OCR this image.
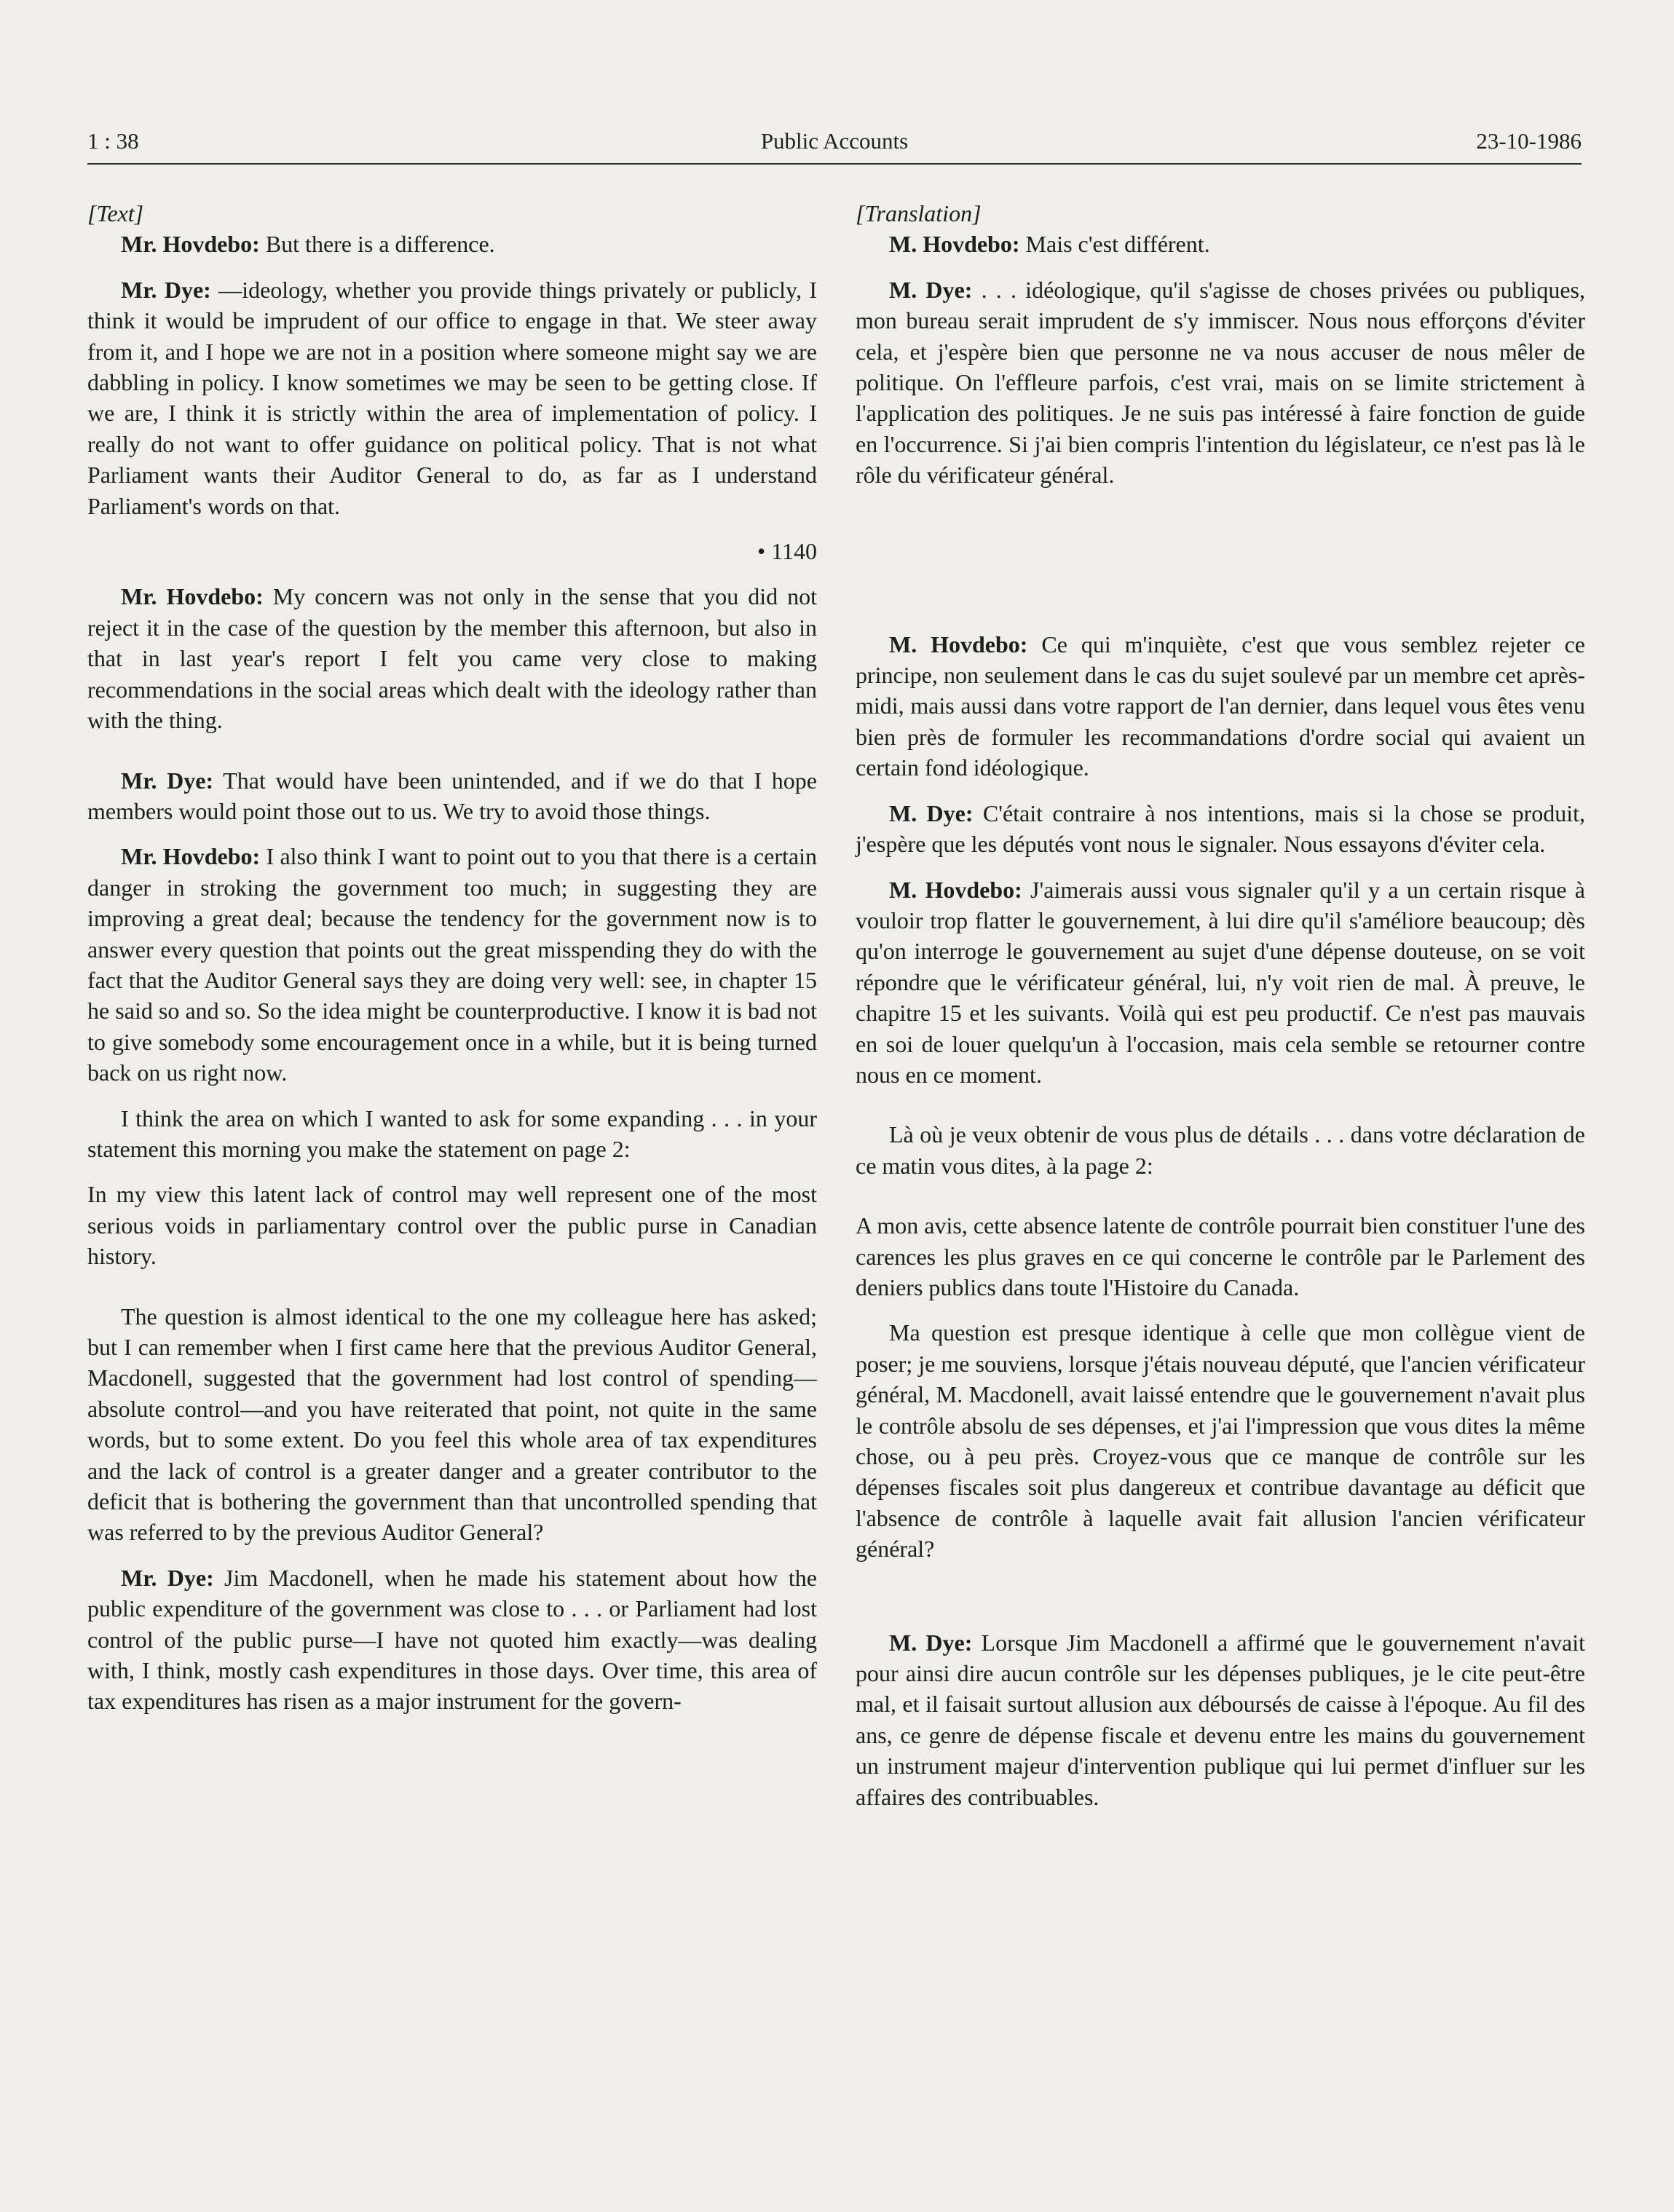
1 : 38	Public Accounts	23-10-1986

[Text]

Mr. Hovdebo: But there is a difference.

Mr. Dye: —ideology, whether you provide things privately or publicly, I think it would be imprudent of our office to engage in that. We steer away from it, and I hope we are not in a position where someone might say we are dabbling in policy. I know sometimes we may be seen to be getting close. If we are, I think it is strictly within the area of implementation of policy. I really do not want to offer guidance on political policy. That is not what Parliament wants their Auditor General to do, as far as I understand Parliament's words on that.

• 1140

Mr. Hovdebo: My concern was not only in the sense that you did not reject it in the case of the question by the member this afternoon, but also in that in last year's report I felt you came very close to making recommendations in the social areas which dealt with the ideology rather than with the thing.

Mr. Dye: That would have been unintended, and if we do that I hope members would point those out to us. We try to avoid those things.

Mr. Hovdebo: I also think I want to point out to you that there is a certain danger in stroking the government too much; in suggesting they are improving a great deal; because the tendency for the government now is to answer every question that points out the great misspending they do with the fact that the Auditor General says they are doing very well: see, in chapter 15 he said so and so. So the idea might be counterproductive. I know it is bad not to give somebody some encouragement once in a while, but it is being turned back on us right now.

I think the area on which I wanted to ask for some expanding . . . in your statement this morning you make the statement on page 2:

In my view this latent lack of control may well represent one of the most serious voids in parliamentary control over the public purse in Canadian history.

The question is almost identical to the one my colleague here has asked; but I can remember when I first came here that the previous Auditor General, Macdonell, suggested that the government had lost control of spending—absolute control—and you have reiterated that point, not quite in the same words, but to some extent. Do you feel this whole area of tax expenditures and the lack of control is a greater danger and a greater contributor to the deficit that is bothering the government than that uncontrolled spending that was referred to by the previous Auditor General?

Mr. Dye: Jim Macdonell, when he made his statement about how the public expenditure of the government was close to . . . or Parliament had lost control of the public purse—I have not quoted him exactly—was dealing with, I think, mostly cash expenditures in those days. Over time, this area of tax expenditures has risen as a major instrument for the govern-

[Translation]

M. Hovdebo: Mais c'est différent.

M. Dye: . . . idéologique, qu'il s'agisse de choses privées ou publiques, mon bureau serait imprudent de s'y immiscer. Nous nous efforçons d'éviter cela, et j'espère bien que personne ne va nous accuser de nous mêler de politique. On l'effleure parfois, c'est vrai, mais on se limite strictement à l'application des politiques. Je ne suis pas intéressé à faire fonction de guide en l'occurrence. Si j'ai bien compris l'intention du législateur, ce n'est pas là le rôle du vérificateur général.

M. Hovdebo: Ce qui m'inquiète, c'est que vous semblez rejeter ce principe, non seulement dans le cas du sujet soulevé par un membre cet après-midi, mais aussi dans votre rapport de l'an dernier, dans lequel vous êtes venu bien près de formuler les recommandations d'ordre social qui avaient un certain fond idéologique.

M. Dye: C'était contraire à nos intentions, mais si la chose se produit, j'espère que les députés vont nous le signaler. Nous essayons d'éviter cela.

M. Hovdebo: J'aimerais aussi vous signaler qu'il y a un certain risque à vouloir trop flatter le gouvernement, à lui dire qu'il s'améliore beaucoup; dès qu'on interroge le gouvernement au sujet d'une dépense douteuse, on se voit répondre que le vérificateur général, lui, n'y voit rien de mal. À preuve, le chapitre 15 et les suivants. Voilà qui est peu productif. Ce n'est pas mauvais en soi de louer quelqu'un à l'occasion, mais cela semble se retourner contre nous en ce moment.

Là où je veux obtenir de vous plus de détails . . . dans votre déclaration de ce matin vous dites, à la page 2:

A mon avis, cette absence latente de contrôle pourrait bien constituer l'une des carences les plus graves en ce qui concerne le contrôle par le Parlement des deniers publics dans toute l'Histoire du Canada.

Ma question est presque identique à celle que mon collègue vient de poser; je me souviens, lorsque j'étais nouveau député, que l'ancien vérificateur général, M. Macdonell, avait laissé entendre que le gouvernement n'avait plus le contrôle absolu de ses dépenses, et j'ai l'impression que vous dites la même chose, ou à peu près. Croyez-vous que ce manque de contrôle sur les dépenses fiscales soit plus dangereux et contribue davantage au déficit que l'absence de contrôle à laquelle avait fait allusion l'ancien vérificateur général?

M. Dye: Lorsque Jim Macdonell a affirmé que le gouvernement n'avait pour ainsi dire aucun contrôle sur les dépenses publiques, je le cite peut-être mal, et il faisait surtout allusion aux déboursés de caisse à l'époque. Au fil des ans, ce genre de dépense fiscale et devenu entre les mains du gouvernement un instrument majeur d'intervention publique qui lui permet d'influer sur les affaires des contribuables.
